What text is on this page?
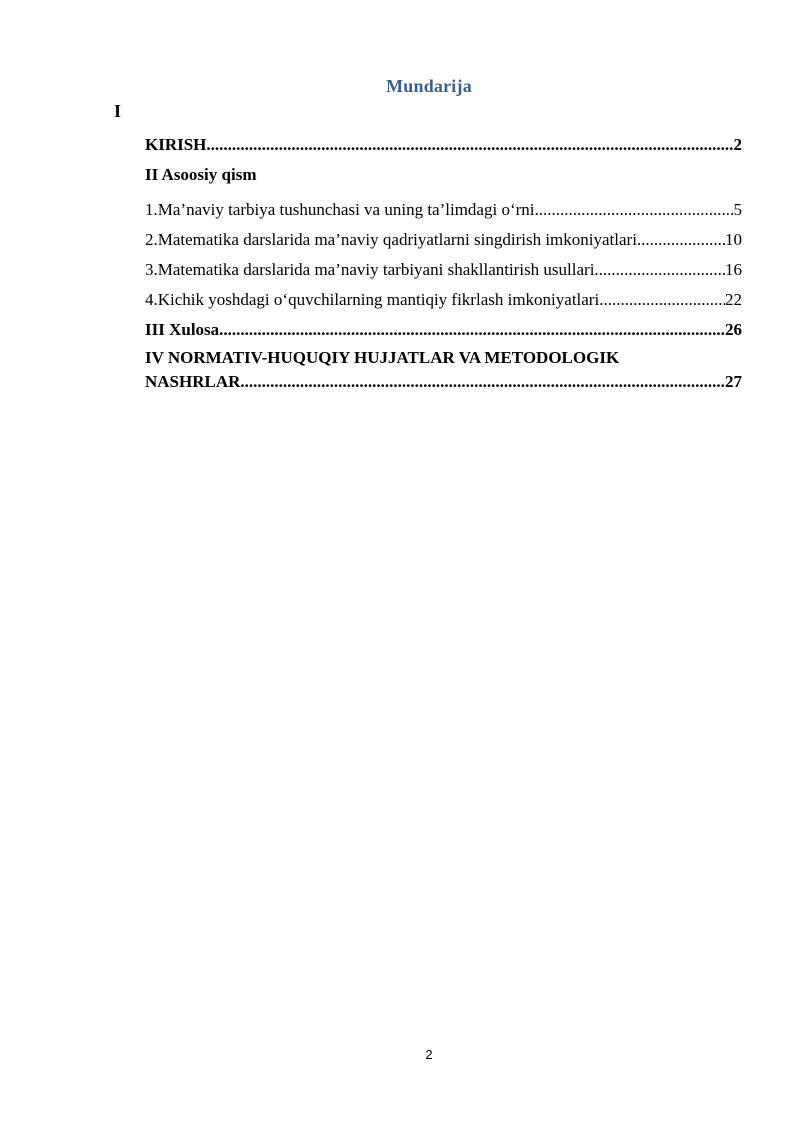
Mundarija
I
KIRISH .....	2
II Asoosiy qism
1. Ma’naviy tarbiya tushunchasi va uning ta’limdagi o‘rni .....	5
2.Matematika darslarida ma’naviy qadriyatlarni singdirish imkoniyatlari .....	10
3.Matematika darslarida ma’naviy tarbiyani shakllantirish usullari .....	16
4.Kichik yoshdagi o‘quvchilarning mantiqiy fikrlash imkoniyatlari .....	22
III Xulosa .....	26
IV NORMATIV-HUQUQIY HUJJATLAR VA METODOLOGIK
NASHRLAR .....	27
2
